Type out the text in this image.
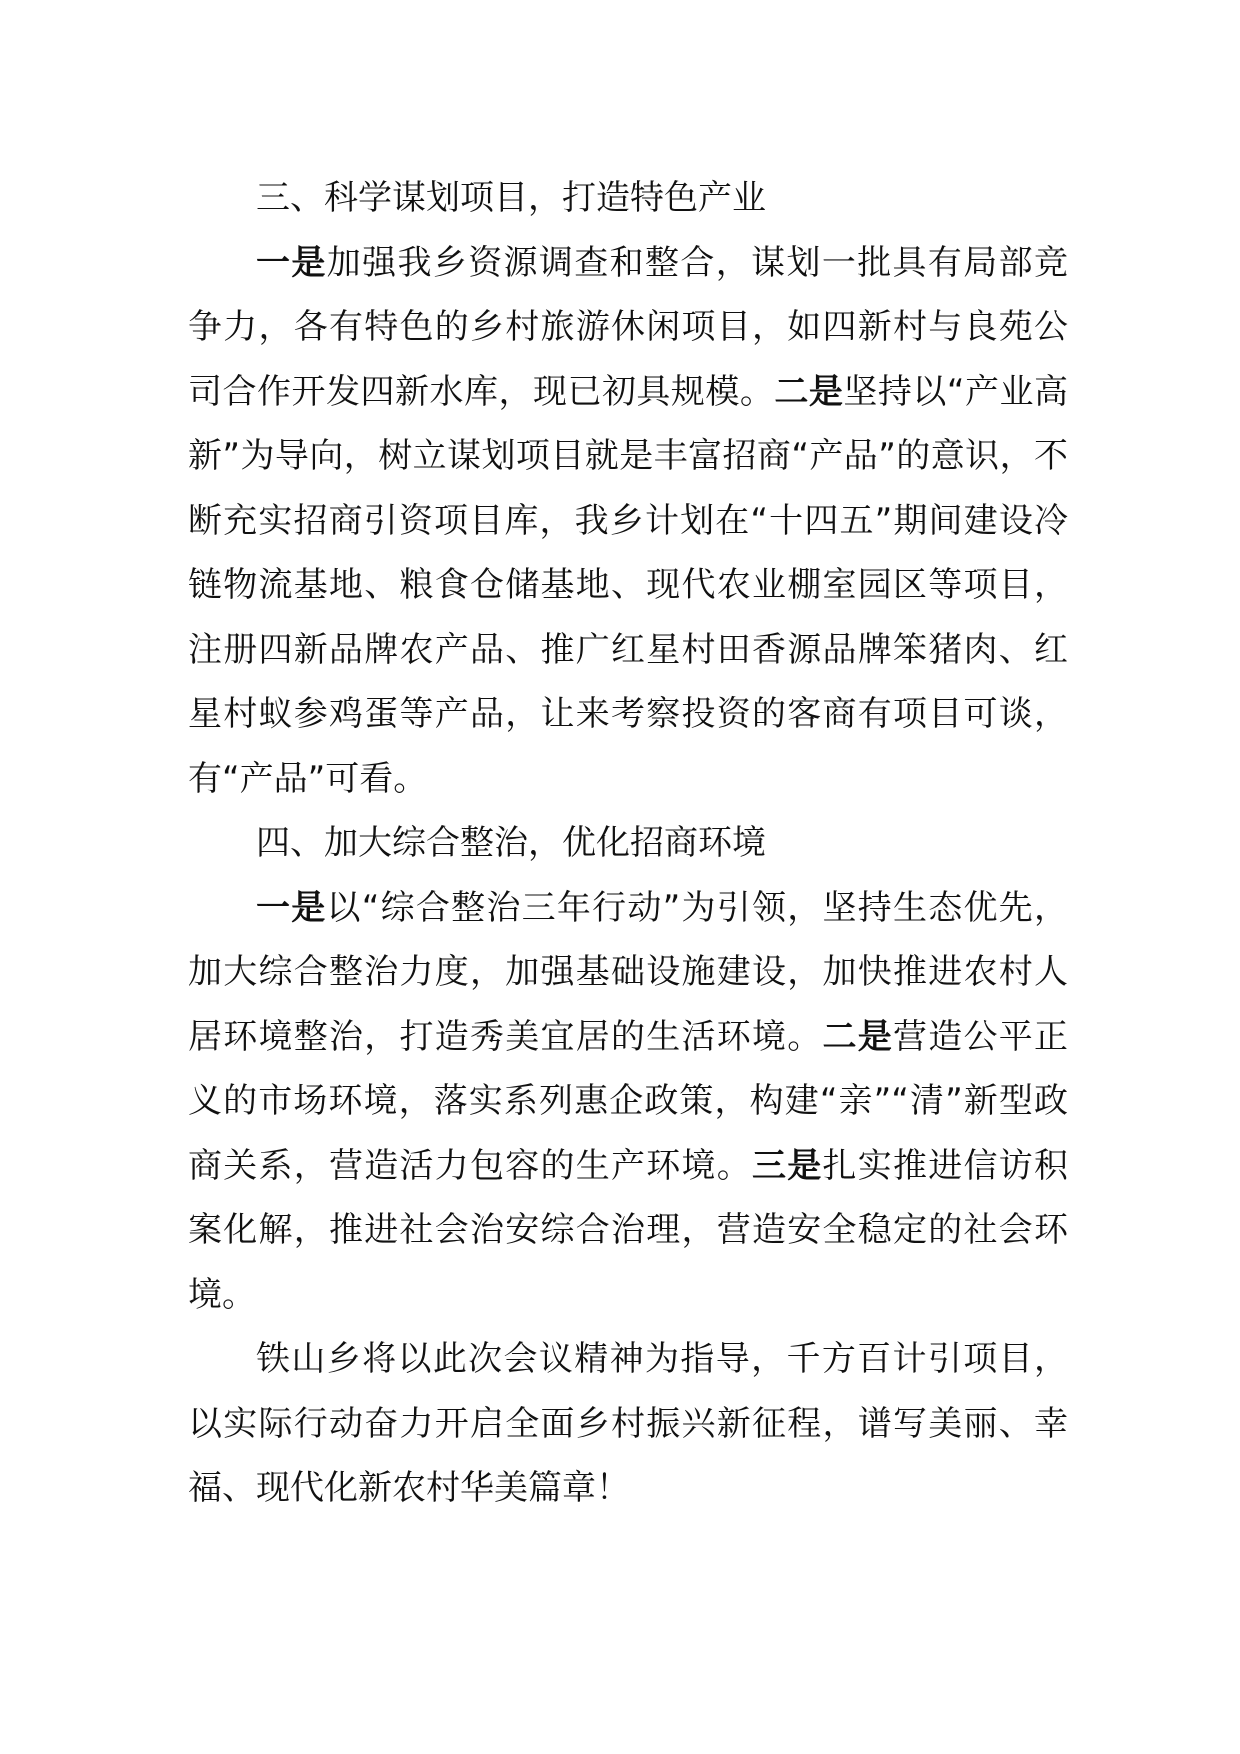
三、科学谋划项目，打造特色产业

一是加强我乡资源调查和整合，谋划一批具有局部竞争力，各有特色的乡村旅游休闲项目，如四新村与良苑公司合作开发四新水库，现已初具规模。二是坚持以“产业高新”为导向，树立谋划项目就是丰富招商“产品”的意识，不断充实招商引资项目库，我乡计划在“十四五”期间建设冷链物流基地、粮食仓储基地、现代农业棚室园区等项目，注册四新品牌农产品、推广红星村田香源品牌笨猪肉、红星村蚁参鸡蛋等产品，让来考察投资的客商有项目可谈，有“产品”可看。

四、加大综合整治，优化招商环境

一是以“综合整治三年行动”为引领，坚持生态优先，加大综合整治力度，加强基础设施建设，加快推进农村人居环境整治，打造秀美宜居的生活环境。二是营造公平正义的市场环境，落实系列惠企政策，构建“亲”“清”新型政商关系，营造活力包容的生产环境。三是扎实推进信访积案化解，推进社会治安综合治理，营造安全稳定的社会环境。

铁山乡将以此次会议精神为指导，千方百计引项目，以实际行动奋力开启全面乡村振兴新征程，谱写美丽、幸福、现代化新农村华美篇章！
